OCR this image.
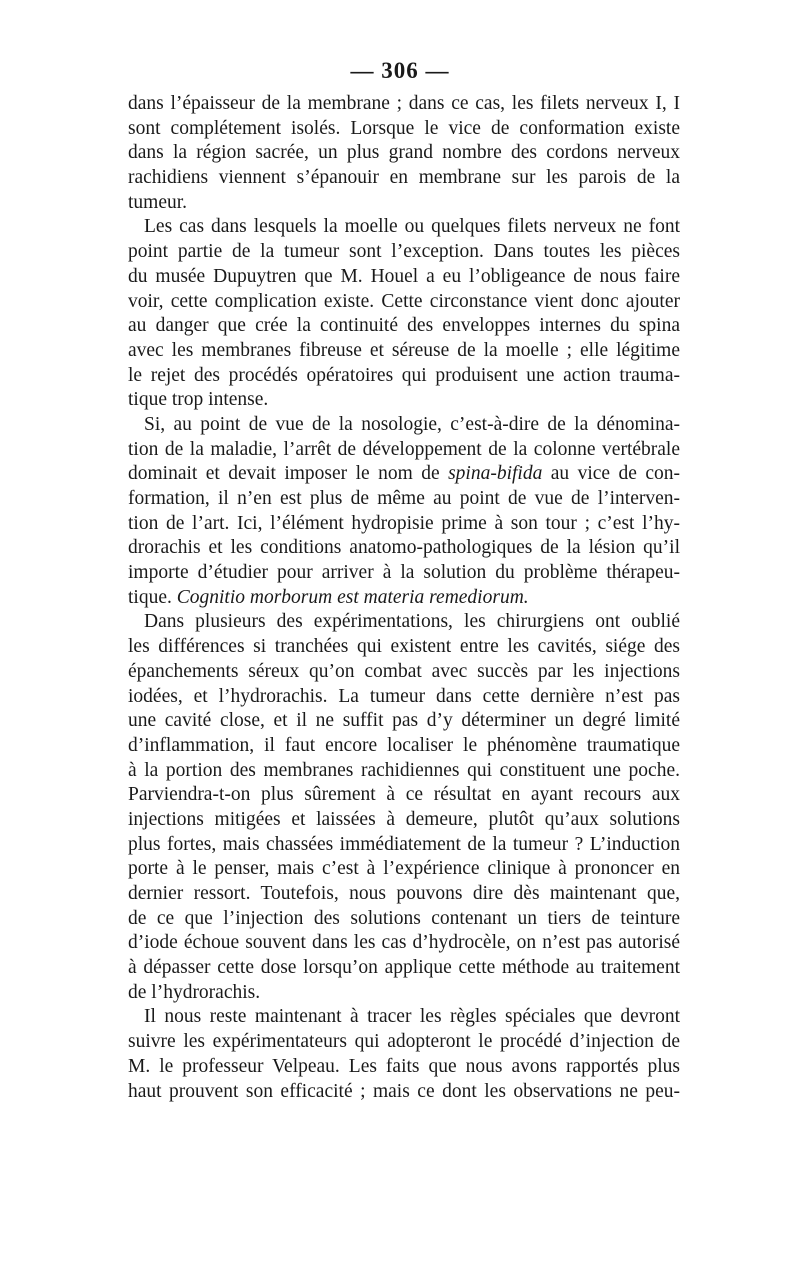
— 306 —
dans l’épaisseur de la membrane ; dans ce cas, les filets nerveux I, I
sont complétement isolés. Lorsque le vice de conformation existe
dans la région sacrée, un plus grand nombre des cordons nerveux
rachidiens viennent s’épanouir en membrane sur les parois de la
tumeur.
Les cas dans lesquels la moelle ou quelques filets nerveux ne font
point partie de la tumeur sont l’exception. Dans toutes les pièces
du musée Dupuytren que M. Houel a eu l’obligeance de nous faire
voir, cette complication existe. Cette circonstance vient donc ajouter
au danger que crée la continuité des enveloppes internes du spina
avec les membranes fibreuse et séreuse de la moelle ; elle légitime
le rejet des procédés opératoires qui produisent une action trauma-
tique trop intense.
Si, au point de vue de la nosologie, c’est-à-dire de la dénomina-
tion de la maladie, l’arrêt de développement de la colonne vertébrale
dominait et devait imposer le nom de spina-bifida au vice de con-
formation, il n’en est plus de même au point de vue de l’interven-
tion de l’art. Ici, l’élément hydropisie prime à son tour ; c’est l’hy-
drorachis et les conditions anatomo-pathologiques de la lésion qu’il
importe d’étudier pour arriver à la solution du problème thérapeu-
tique. Cognitio morborum est materia remediorum.
Dans plusieurs des expérimentations, les chirurgiens ont oublié
les différences si tranchées qui existent entre les cavités, siége des
épanchements séreux qu’on combat avec succès par les injections
iodées, et l’hydrorachis. La tumeur dans cette dernière n’est pas
une cavité close, et il ne suffit pas d’y déterminer un degré limité
d’inflammation, il faut encore localiser le phénomène traumatique
à la portion des membranes rachidiennes qui constituent une poche.
Parviendra-t-on plus sûrement à ce résultat en ayant recours aux
injections mitigées et laissées à demeure, plutôt qu’aux solutions
plus fortes, mais chassées immédiatement de la tumeur ? L’induction
porte à le penser, mais c’est à l’expérience clinique à prononcer en
dernier ressort. Toutefois, nous pouvons dire dès maintenant que,
de ce que l’injection des solutions contenant un tiers de teinture
d’iode échoue souvent dans les cas d’hydrocèle, on n’est pas autorisé
à dépasser cette dose lorsqu’on applique cette méthode au traitement
de l’hydrorachis.
Il nous reste maintenant à tracer les règles spéciales que devront
suivre les expérimentateurs qui adopteront le procédé d’injection de
M. le professeur Velpeau. Les faits que nous avons rapportés plus
haut prouvent son efficacité ; mais ce dont les observations ne peu-
